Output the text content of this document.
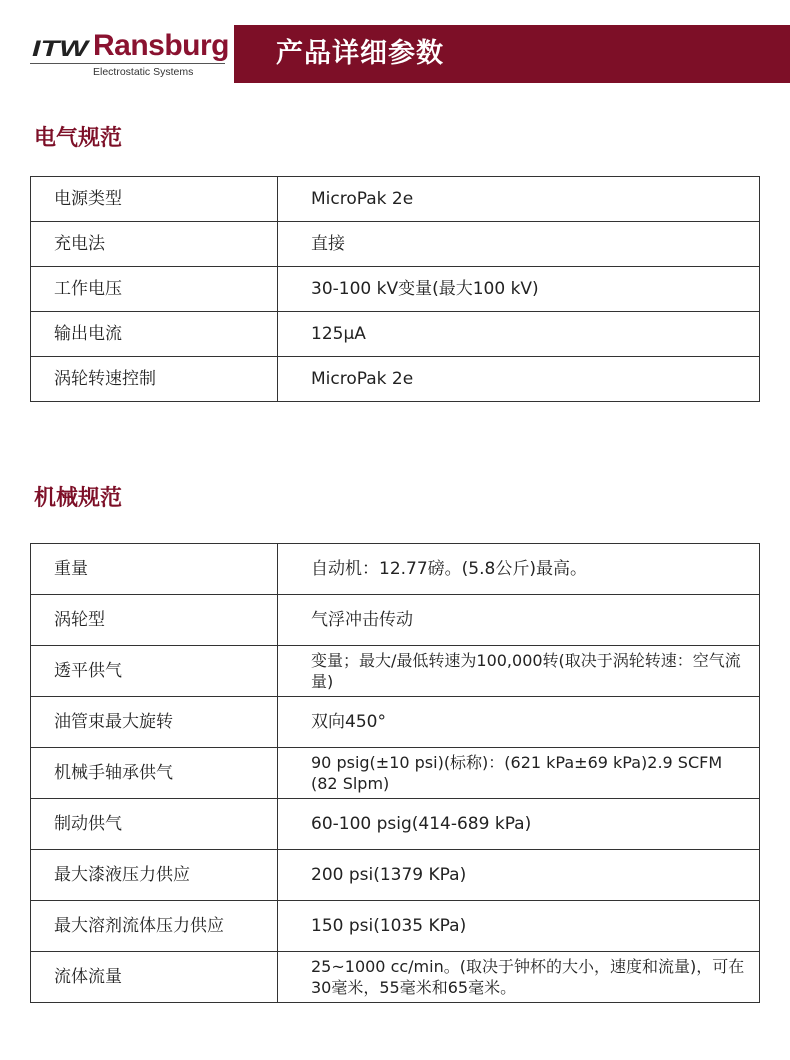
ITW Ransburg
Electrostatic Systems
产品详细参数
电气规范
电源类型	MicroPak 2e
充电法	直接
工作电压	30-100 kV变量(最大100 kV)
输出电流	125μA
涡轮转速控制	MicroPak 2e
机械规范
重量	自动机：12.77磅。(5.8公斤)最高。
涡轮型	气浮冲击传动
透平供气	变量；最大/最低转速为100,000转(取决于涡轮转速：空气流量)
油管束最大旋转	双向450°
机械手轴承供气	90 psig(±10 psi)(标称)：(621 kPa±69 kPa)2.9 SCFM (82 Slpm)
制动供气	60-100 psig(414-689 kPa)
最大漆液压力供应	200 psi(1379 KPa)
最大溶剂流体压力供应	150 psi(1035 KPa)
流体流量	25~1000 cc/min。(取决于钟杯的大小，速度和流量)，可在30毫米，55毫米和65毫米。
